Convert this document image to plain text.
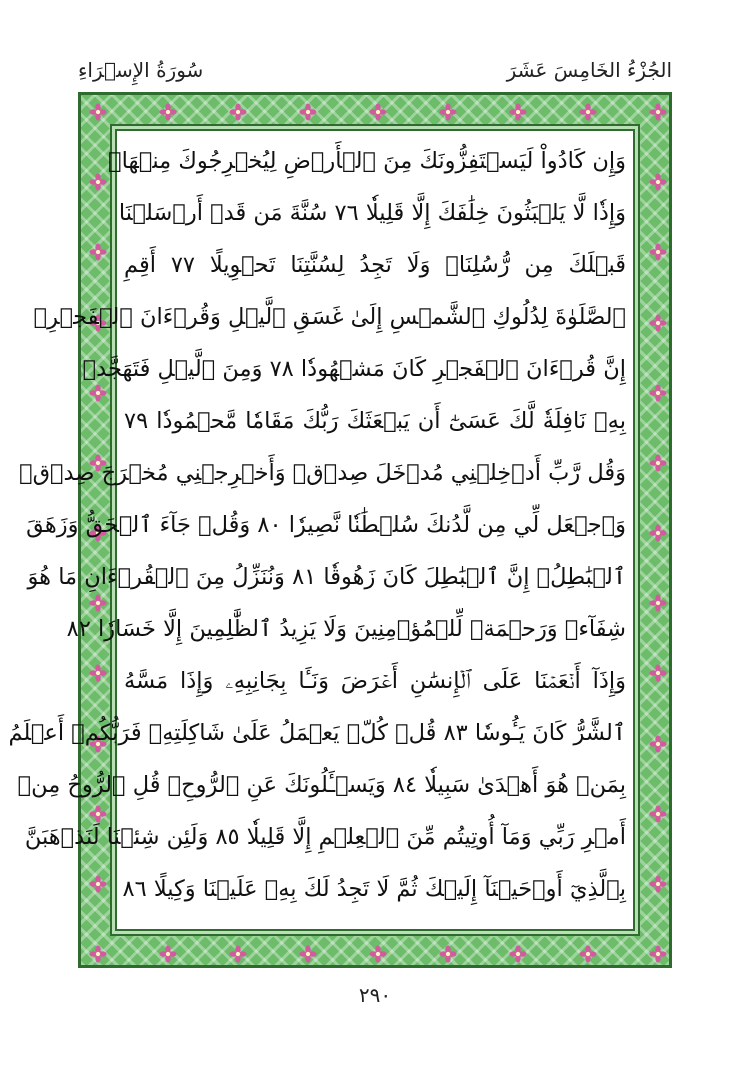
الجُزْءُ الخَامِسَ عَشَرَ
سُورَةُ الإِسۡرَاءِ
وَإِن كَادُواْ لَيَسۡتَفِزُّونَكَ مِنَ ٱلۡأَرۡضِ لِيُخۡرِجُوكَ مِنۡهَاۖ
وَإِذٗا لَّا يَلۡبَثُونَ خِلَٰفَكَ إِلَّا قَلِيلٗا ٧٦ سُنَّةَ مَن قَدۡ أَرۡسَلۡنَا
قَبۡلَكَ مِن رُّسُلِنَاۖ وَلَا تَجِدُ لِسُنَّتِنَا تَحۡوِيلًا ٧٧ أَقِمِ
ٱلصَّلَوٰةَ لِدُلُوكِ ٱلشَّمۡسِ إِلَىٰ غَسَقِ ٱلَّيۡلِ وَقُرۡءَانَ ٱلۡفَجۡرِۖ
إِنَّ قُرۡءَانَ ٱلۡفَجۡرِ كَانَ مَشۡهُودٗا ٧٨ وَمِنَ ٱلَّيۡلِ فَتَهَجَّدۡ
بِهِۦ نَافِلَةٗ لَّكَ عَسَىٰٓ أَن يَبۡعَثَكَ رَبُّكَ مَقَامٗا مَّحۡمُودٗا ٧٩
وَقُل رَّبِّ أَدۡخِلۡنِي مُدۡخَلَ صِدۡقٖ وَأَخۡرِجۡنِي مُخۡرَجَ صِدۡقٖ
وَٱجۡعَل لِّي مِن لَّدُنكَ سُلۡطَٰنٗا نَّصِيرٗا ٨٠ وَقُلۡ جَآءَ ٱلۡحَقُّ وَزَهَقَ
ٱلۡبَٰطِلُۚ إِنَّ ٱلۡبَٰطِلَ كَانَ زَهُوقٗا ٨١ وَنُنَزِّلُ مِنَ ٱلۡقُرۡءَانِ مَا هُوَ
شِفَآءٞ وَرَحۡمَةٞ لِّلۡمُؤۡمِنِينَ وَلَا يَزِيدُ ٱلظَّٰلِمِينَ إِلَّا خَسَارٗا ٨٢
وَإِذَآ أَنۡعَمۡنَا عَلَى ٱلۡإِنسَٰنِ أَعۡرَضَ وَنَـَٔا بِجَانِبِهِۦ وَإِذَا مَسَّهُ
ٱلشَّرُّ كَانَ يَـُٔوسٗا ٨٣ قُلۡ كُلّٞ يَعۡمَلُ عَلَىٰ شَاكِلَتِهِۦ فَرَبُّكُمۡ أَعۡلَمُ
بِمَنۡ هُوَ أَهۡدَىٰ سَبِيلٗا ٨٤ وَيَسۡـَٔلُونَكَ عَنِ ٱلرُّوحِۖ قُلِ ٱلرُّوحُ مِنۡ
أَمۡرِ رَبِّي وَمَآ أُوتِيتُم مِّنَ ٱلۡعِلۡمِ إِلَّا قَلِيلٗا ٨٥ وَلَئِن شِئۡنَا لَنَذۡهَبَنَّ
بِٱلَّذِيٓ أَوۡحَيۡنَآ إِلَيۡكَ ثُمَّ لَا تَجِدُ لَكَ بِهِۦ عَلَيۡنَا وَكِيلًا ٨٦
٢٩٠
